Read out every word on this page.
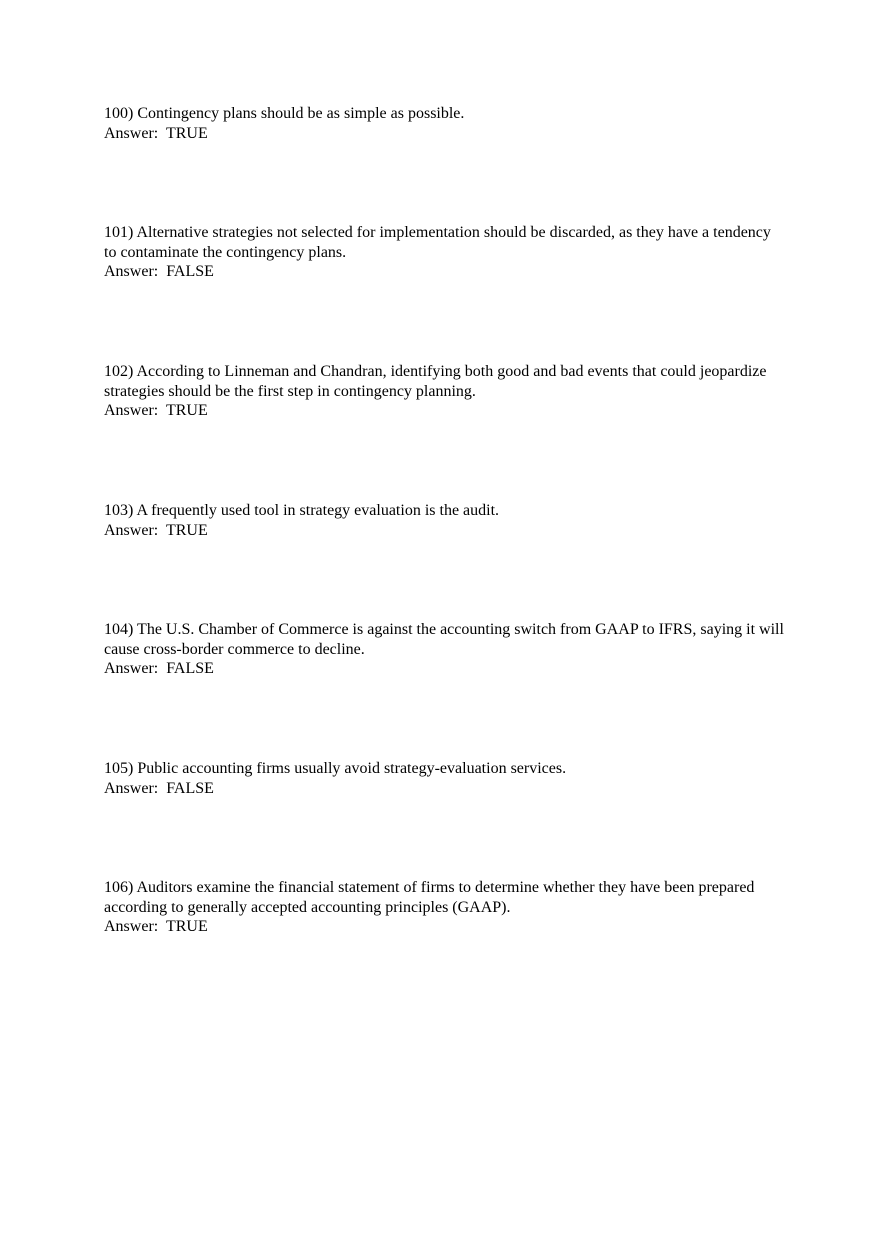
100) Contingency plans should be as simple as possible.

Answer: TRUE

101) Alternative strategies not selected for implementation should be discarded, as they have a tendency to contaminate the contingency plans.

Answer: FALSE

102) According to Linneman and Chandran, identifying both good and bad events that could jeopardize strategies should be the first step in contingency planning.

Answer: TRUE

103) A frequently used tool in strategy evaluation is the audit.

Answer: TRUE

104) The U.S. Chamber of Commerce is against the accounting switch from GAAP to IFRS, saying it will cause cross-border commerce to decline.

Answer: FALSE

105) Public accounting firms usually avoid strategy-evaluation services.

Answer: FALSE

106) Auditors examine the financial statement of firms to determine whether they have been prepared according to generally accepted accounting principles (GAAP).

Answer: TRUE
